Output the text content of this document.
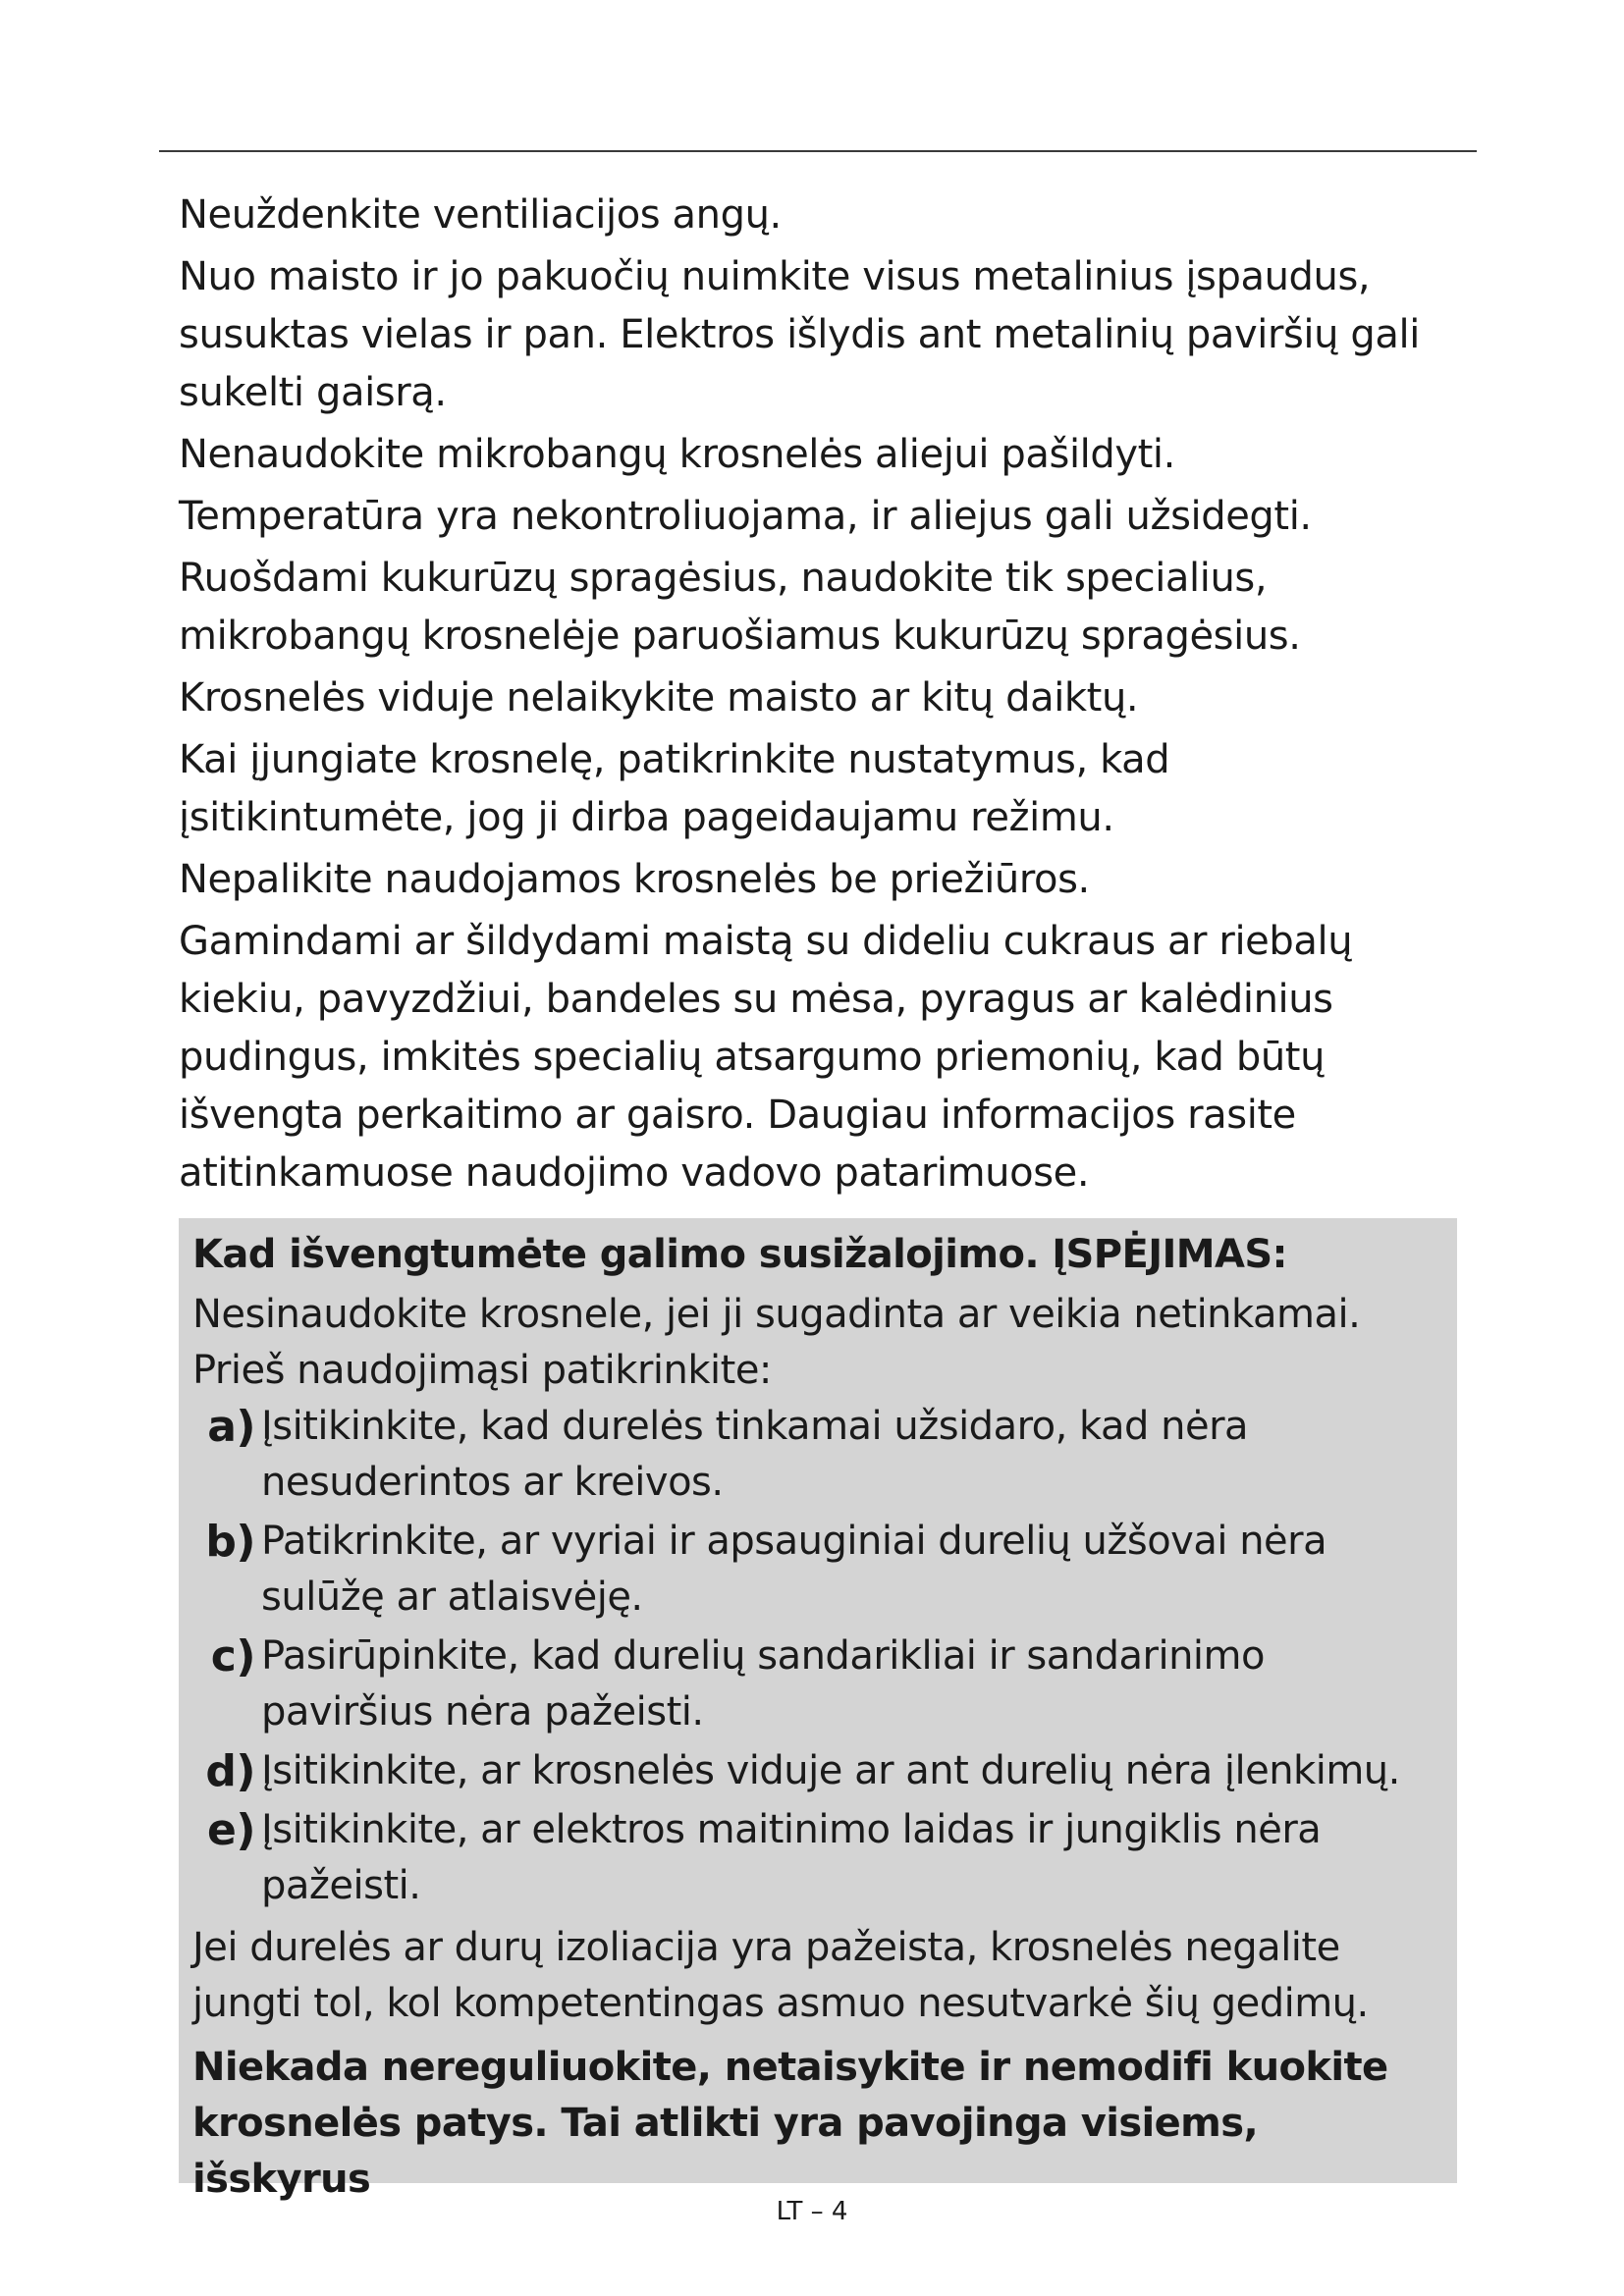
Neuždenkite ventiliacijos angų.

Nuo maisto ir jo pakuočių nuimkite visus metalinius įspaudus,
susuktas vielas ir pan. Elektros išlydis ant metalinių paviršių gali
sukelti gaisrą.

Nenaudokite mikrobangų krosnelės aliejui pašildyti.

Temperatūra yra nekontroliuojama, ir aliejus gali užsidegti.

Ruošdami kukurūzų spragėsius, naudokite tik specialius,
mikrobangų krosnelėje paruošiamus kukurūzų spragėsius.

Krosnelės viduje nelaikykite maisto ar kitų daiktų.

Kai įjungiate krosnelę, patikrinkite nustatymus, kad
įsitikintumėte, jog ji dirba pageidaujamu režimu.

Nepalikite naudojamos krosnelės be priežiūros.

Gamindami ar šildydami maistą su dideliu cukraus ar riebalų
kiekiu, pavyzdžiui, bandeles su mėsa, pyragus ar kalėdinius
pudingus, imkitės specialių atsargumo priemonių, kad būtų
išvengta perkaitimo ar gaisro. Daugiau informacijos rasite
atitinkamuose naudojimo vadovo patarimuose.

Kad išvengtumėte galimo susižalojimo. ĮSPĖJIMAS:

Nesinaudokite krosnele, jei ji sugadinta ar veikia netinkamai.

Prieš naudojimąsi patikrinkite:

a) Įsitikinkite, kad durelės tinkamai užsidaro, kad nėra
nesuderintos ar kreivos.
b) Patikrinkite, ar vyriai ir apsauginiai durelių užšovai nėra
sulūžę ar atlaisvėję.
c) Pasirūpinkite, kad durelių sandarikliai ir sandarinimo
paviršius nėra pažeisti.
d) Įsitikinkite, ar krosnelės viduje ar ant durelių nėra įlenkimų.
e) Įsitikinkite, ar elektros maitinimo laidas ir jungiklis nėra
pažeisti.

Jei durelės ar durų izoliacija yra pažeista, krosnelės negalite
jungti tol, kol kompetentingas asmuo nesutvarkė šių gedimų.

Niekada nereguliuokite, netaisykite ir nemodifi kuokite
krosnelės patys. Tai atlikti yra pavojinga visiems, išskyrus

LT – 4
